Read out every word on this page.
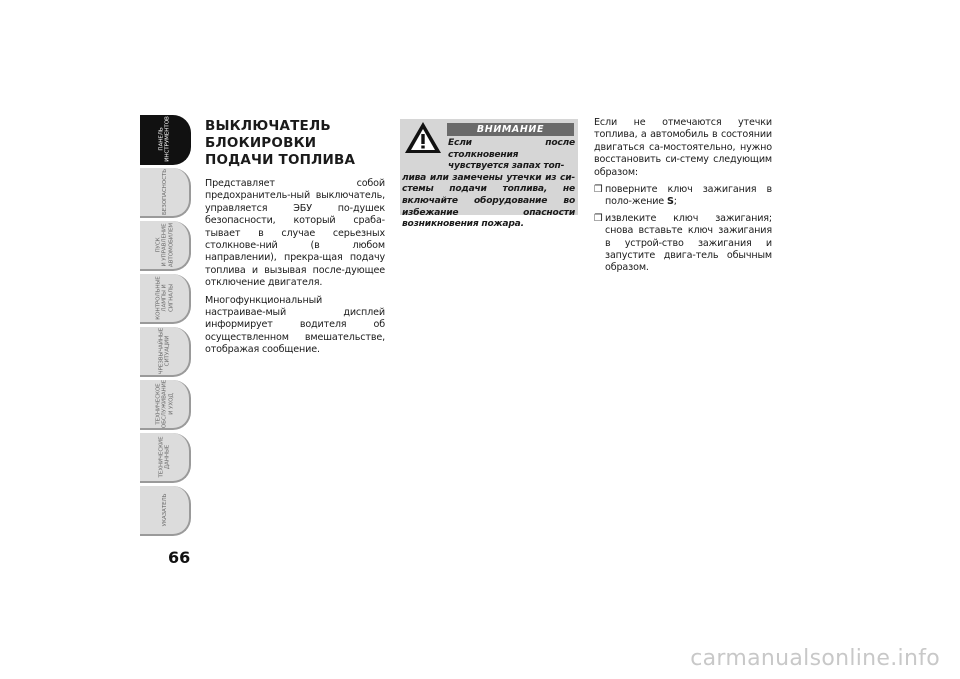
ПАНЕЛЬ
ИНСТРУМЕНТОВ
БЕЗОПАСНОСТЬ
ПУСК
И УПРАВЛЕНИЕ
АВТОМОБИЛЕМ
КОНТРОЛЬНЫЕ
ЛАМПЫ И
СИГНАЛЫ
ЧРЕЗВЫЧАЙНЫЕ
СИТУАЦИИ
ТЕХНИЧЕСКОЕ
ОБСЛУЖИВАНИЕ
И УХОД
ТЕХНИЧЕСКИЕ
ДАННЫЕ
УКАЗАТЕЛЬ
66
ВЫКЛЮЧАТЕЛЬ
БЛОКИРОВКИ
ПОДАЧИ ТОПЛИВА

Представляет собой предохранитель-ный выключатель, управляется ЭБУ по-душек безопасности, который сраба-тывает в случае серьезных столкнове-ний (в любом направлении), прекра-щая подачу топлива и вызывая после-дующее отключение двигателя.

Многофункциональный настраивае-мый дисплей информирует водителя об осуществленном вмешательстве, отображая сообщение.

ВНИМАНИЕ
Если после столкновения чувствуется запах топ-
лива или замечены утечки из си-стемы подачи топлива, не включайте оборудование во избежание опасности возникновения пожара.

Если не отмечаются утечки топлива, а автомобиль в состоянии двигаться са-мостоятельно, нужно восстановить си-стему следующим образом:

❒ поверните ключ зажигания в поло-жение S;

❒ извлеките ключ зажигания; снова вставьте ключ зажигания в устрой-ство зажигания и запустите двига-тель обычным образом.

carmanualsonline.info
